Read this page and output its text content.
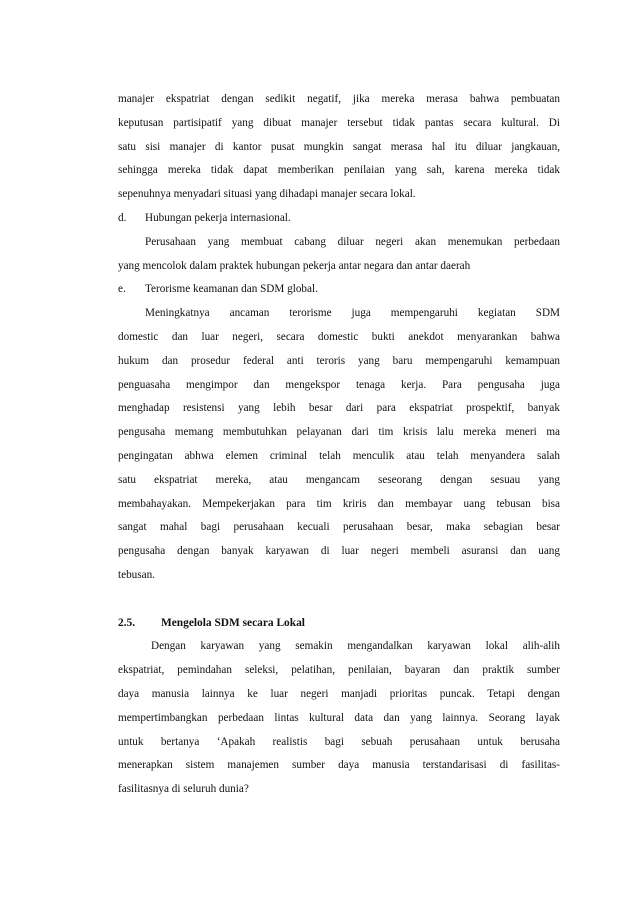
manajer ekspatriat dengan sedikit negatif, jika mereka merasa bahwa pembuatan
keputusan partisipatif yang dibuat manajer tersebut tidak pantas secara kultural. Di
satu sisi manajer di kantor pusat mungkin sangat merasa hal itu diluar jangkauan,
sehingga mereka tidak dapat memberikan penilaian yang sah, karena mereka tidak
sepenuhnya menyadari situasi yang dihadapi manajer secara lokal.
d.	Hubungan pekerja internasional.
Perusahaan yang membuat cabang diluar negeri akan menemukan perbedaan
yang mencolok dalam praktek hubungan pekerja antar negara dan antar daerah
e.	Terorisme keamanan dan SDM global.
Meningkatnya ancaman terorisme juga mempengaruhi kegiatan SDM
domestic dan luar negeri, secara domestic bukti anekdot menyarankan bahwa
hukum dan prosedur federal anti teroris yang baru mempengaruhi kemampuan
penguasaha mengimpor dan mengekspor tenaga kerja. Para pengusaha juga
menghadap resistensi yang lebih besar dari para ekspatriat prospektif, banyak
pengusaha memang membutuhkan pelayanan dari tim krisis lalu mereka meneri ma
pengingatan abhwa elemen criminal telah menculik atau telah menyandera salah
satu ekspatriat mereka, atau mengancam seseorang dengan sesuau yang
membahayakan. Mempekerjakan para tim kriris dan membayar uang tebusan bisa
sangat mahal bagi perusahaan kecuali perusahaan besar, maka sebagian besar
pengusaha dengan banyak karyawan di luar negeri membeli asuransi dan uang
tebusan.
2.5.	Mengelola SDM secara Lokal
Dengan karyawan yang semakin mengandalkan karyawan lokal alih-alih
ekspatriat, pemindahan seleksi, pelatihan, penilaian, bayaran dan praktik sumber
daya manusia lainnya ke luar negeri manjadi prioritas puncak. Tetapi dengan
mempertimbangkan perbedaan lintas kultural data dan yang lainnya. Seorang layak
untuk bertanya ‘Apakah realistis bagi sebuah perusahaan untuk berusaha
menerapkan sistem manajemen sumber daya manusia terstandarisasi di fasilitas-
fasilitasnya di seluruh dunia?
